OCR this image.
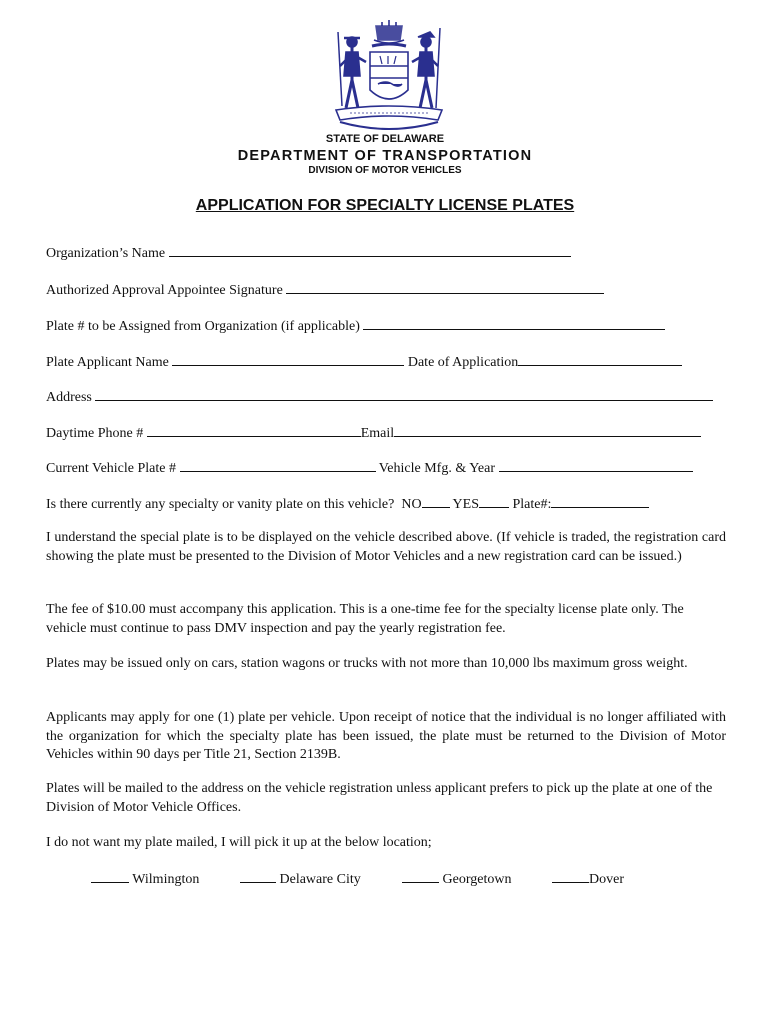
STATE OF DELAWARE
DEPARTMENT OF TRANSPORTATION
DIVISION OF MOTOR VEHICLES
APPLICATION FOR SPECIALTY LICENSE PLATES
Organization’s Name
Authorized Approval Appointee Signature
Plate # to be Assigned from Organization (if applicable)
Plate Applicant Name	Date of Application
Address
Daytime Phone #	Email
Current Vehicle Plate #	Vehicle Mfg. & Year
Is there currently any specialty or vanity plate on this vehicle? NO YES Plate#:
I understand the special plate is to be displayed on the vehicle described above. (If vehicle is traded, the registration card showing the plate must be presented to the Division of Motor Vehicles and a new registration card can be issued.)
The fee of $10.00 must accompany this application. This is a one-time fee for the specialty license plate only. The vehicle must continue to pass DMV inspection and pay the yearly registration fee.
Plates may be issued only on cars, station wagons or trucks with not more than 10,000 lbs maximum gross weight.
Applicants may apply for one (1) plate per vehicle. Upon receipt of notice that the individual is no longer affiliated with the organization for which the specialty plate has been issued, the plate must be returned to the Division of Motor Vehicles within 90 days per Title 21, Section 2139B.
Plates will be mailed to the address on the vehicle registration unless applicant prefers to pick up the plate at one of the Division of Motor Vehicle Offices.
I do not want my plate mailed, I will pick it up at the below location;
Wilmington	Delaware City	Georgetown	Dover
